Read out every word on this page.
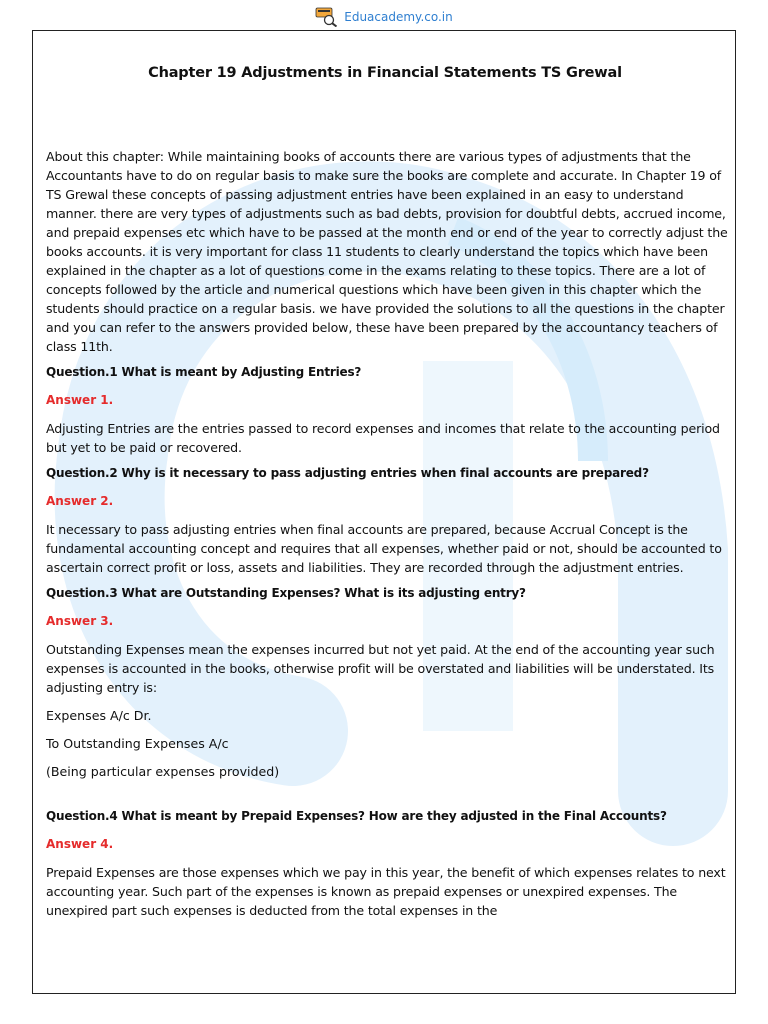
Eduacademy.co.in
Chapter 19 Adjustments in Financial Statements TS Grewal
About this chapter: While maintaining books of accounts there are various types of adjustments that the Accountants have to do on regular basis to make sure the books are complete and accurate. In Chapter 19 of TS Grewal these concepts of passing adjustment entries have been explained in an easy to understand manner. there are very types of adjustments such as bad debts, provision for doubtful debts, accrued income, and prepaid expenses etc which have to be passed at the month end or end of the year to correctly adjust the books accounts. it is very important for class 11 students to clearly understand the topics which have been explained in the chapter as a lot of questions come in the exams relating to these topics. There are a lot of concepts followed by the article and numerical questions which have been given in this chapter which the students should practice on a regular basis. we have provided the solutions to all the questions in the chapter and you can refer to the answers provided below, these have been prepared by the accountancy teachers of class 11th.
Question.1 What is meant by Adjusting Entries?
Answer 1.
Adjusting Entries are the entries passed to record expenses and incomes that relate to the accounting period but yet to be paid or recovered.
Question.2 Why is it necessary to pass adjusting entries when final accounts are prepared?
Answer 2.
It necessary to pass adjusting entries when final accounts are prepared, because Accrual Concept is the fundamental accounting concept and requires that all expenses, whether paid or not, should be accounted to ascertain correct profit or loss, assets and liabilities. They are recorded through the adjustment entries.
Question.3 What are Outstanding Expenses? What is its adjusting entry?
Answer 3.
Outstanding Expenses mean the expenses incurred but not yet paid. At the end of the accounting year such expenses is accounted in the books, otherwise profit will be overstated and liabilities will be understated. Its adjusting entry is:
Expenses A/c Dr.
To Outstanding Expenses A/c
(Being particular expenses provided)
Question.4 What is meant by Prepaid Expenses? How are they adjusted in the Final Accounts?
Answer 4.
Prepaid Expenses are those expenses which we pay in this year, the benefit of which expenses relates to next accounting year. Such part of the expenses is known as prepaid expenses or unexpired expenses. The unexpired part such expenses is deducted from the total expenses in the
